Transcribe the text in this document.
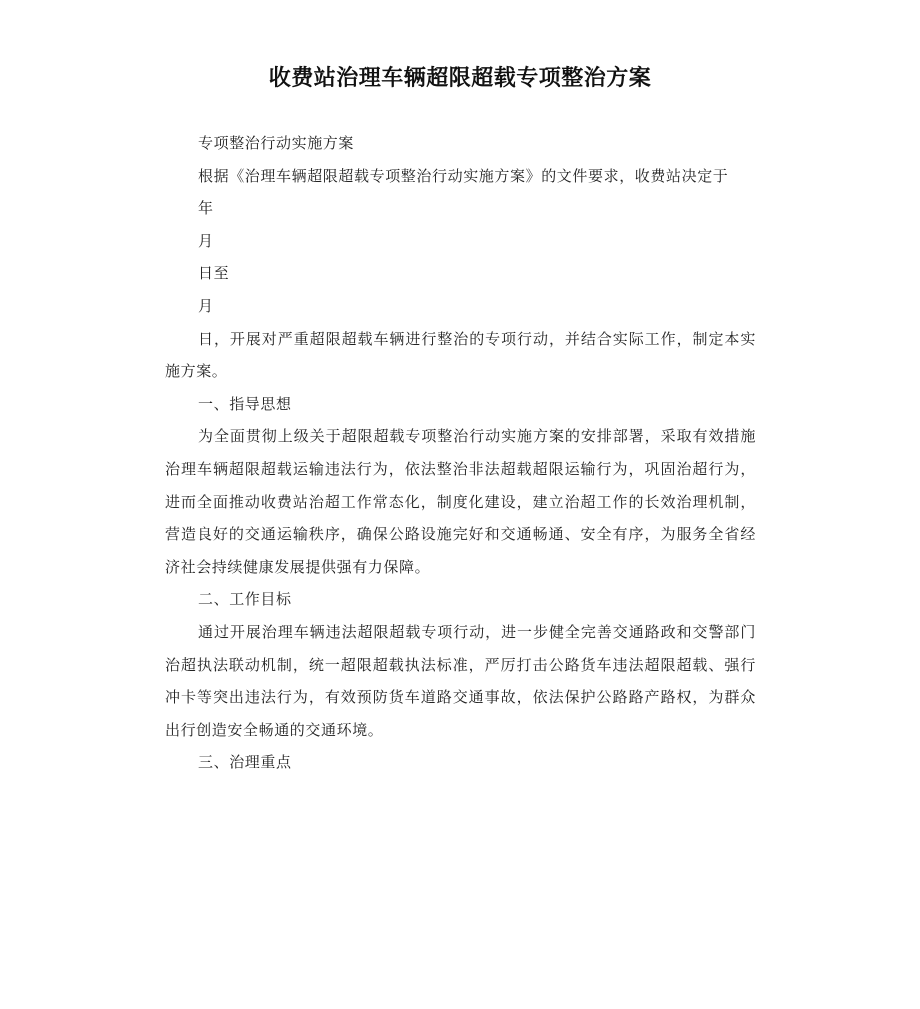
收费站治理车辆超限超载专项整治方案

专项整治行动实施方案

根据《治理车辆超限超载专项整治行动实施方案》的文件要求，收费站决定于

年

月

日至

月

日，开展对严重超限超载车辆进行整治的专项行动，并结合实际工作，制定本实施方案。

一、指导思想

为全面贯彻上级关于超限超载专项整治行动实施方案的安排部署，采取有效措施治理车辆超限超载运输违法行为，依法整治非法超载超限运输行为，巩固治超行为，进而全面推动收费站治超工作常态化，制度化建设，建立治超工作的长效治理机制，营造良好的交通运输秩序，确保公路设施完好和交通畅通、安全有序，为服务全省经济社会持续健康发展提供强有力保障。

二、工作目标

通过开展治理车辆违法超限超载专项行动，进一步健全完善交通路政和交警部门治超执法联动机制，统一超限超载执法标准，严厉打击公路货车违法超限超载、强行冲卡等突出违法行为，有效预防货车道路交通事故，依法保护公路路产路权，为群众出行创造安全畅通的交通环境。

三、治理重点
